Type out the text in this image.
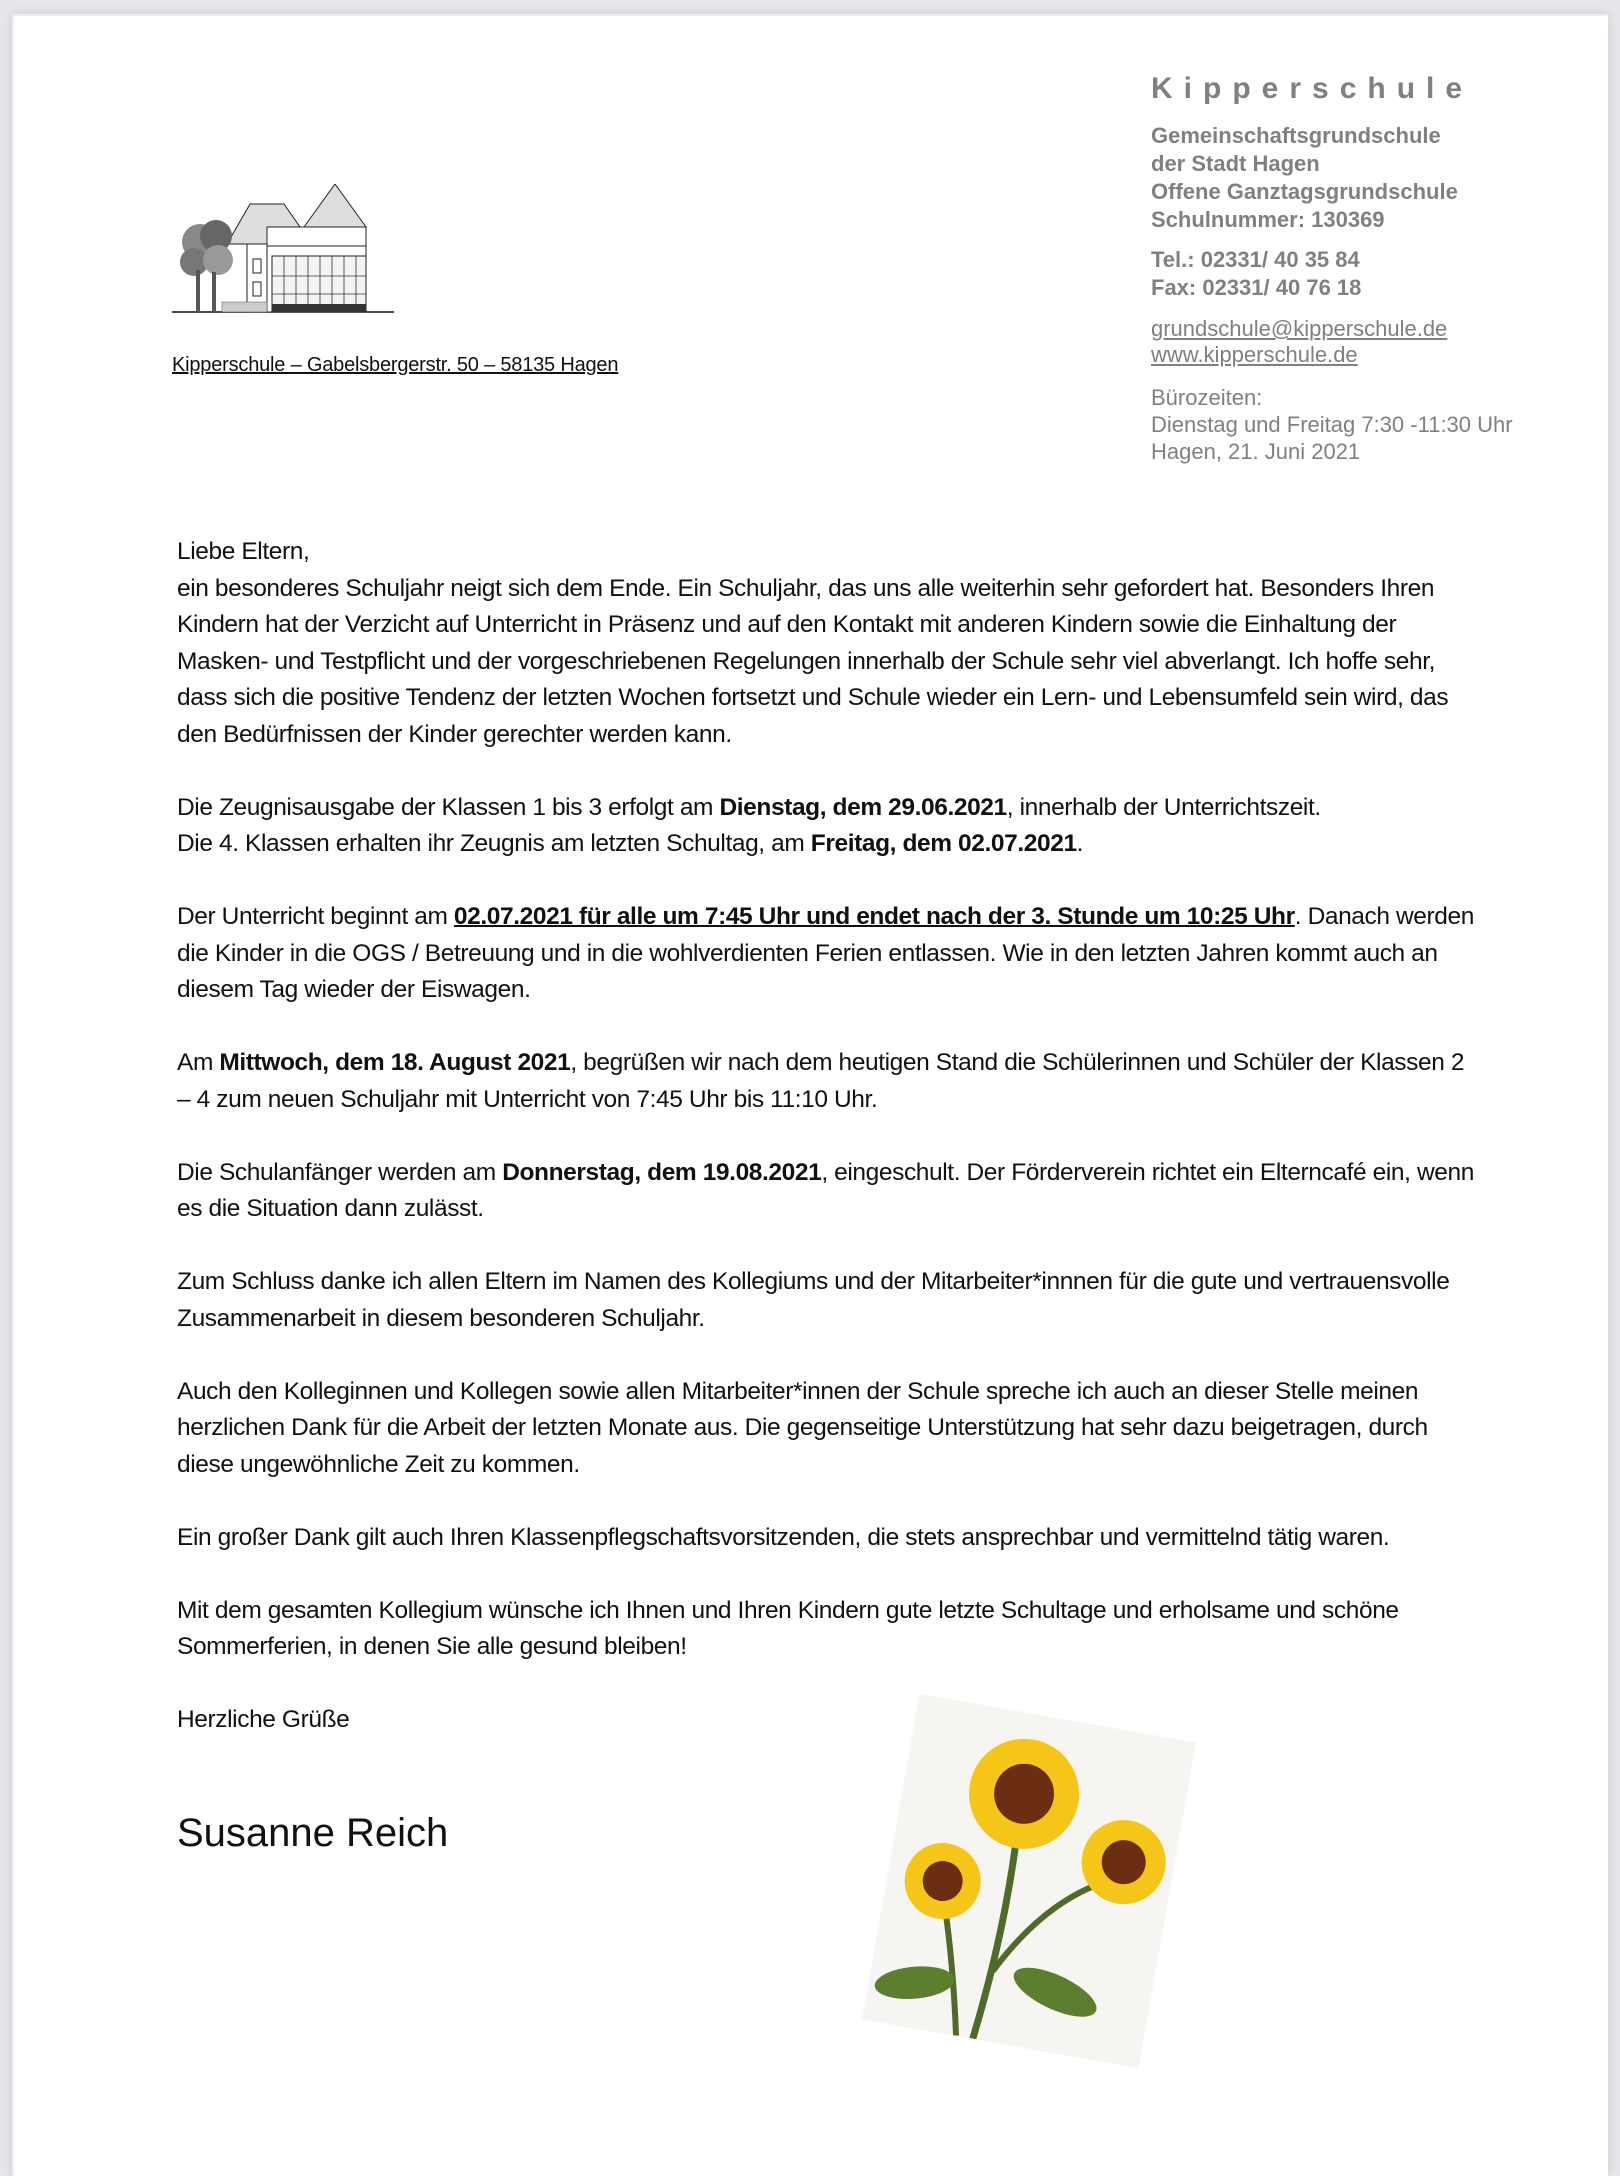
Kipperschule – Gabelsbergerstr. 50 – 58135 Hagen
Kipperschule
Gemeinschaftsgrundschule
der Stadt Hagen
Offene Ganztagsgrundschule
Schulnummer: 130369
Tel.: 02331/ 40 35 84
Fax: 02331/ 40 76 18
grundschule@kipperschule.de
www.kipperschule.de
Bürozeiten:
Dienstag und Freitag 7:30 -11:30 Uhr
Hagen, 21. Juni 2021

Liebe Eltern,

ein besonderes Schuljahr neigt sich dem Ende. Ein Schuljahr, das uns alle weiterhin sehr gefordert hat. Besonders Ihren Kindern hat der Verzicht auf Unterricht in Präsenz und auf den Kontakt mit anderen Kindern sowie die Einhaltung der Masken- und Testpflicht und der vorgeschriebenen Regelungen innerhalb der Schule sehr viel abverlangt. Ich hoffe sehr, dass sich die positive Tendenz der letzten Wochen fortsetzt und Schule wieder ein Lern- und Lebensumfeld sein wird, das den Bedürfnissen der Kinder gerechter werden kann.

Die Zeugnisausgabe der Klassen 1 bis 3 erfolgt am Dienstag, dem 29.06.2021, innerhalb der Unterrichtszeit.
Die 4. Klassen erhalten ihr Zeugnis am letzten Schultag, am Freitag, dem 02.07.2021.

Der Unterricht beginnt am 02.07.2021 für alle um 7:45 Uhr und endet nach der 3. Stunde um 10:25 Uhr. Danach werden die Kinder in die OGS / Betreuung und in die wohlverdienten Ferien entlassen. Wie in den letzten Jahren kommt auch an diesem Tag wieder der Eiswagen.

Am Mittwoch, dem 18. August 2021, begrüßen wir nach dem heutigen Stand die Schülerinnen und Schüler der Klassen 2 – 4 zum neuen Schuljahr mit Unterricht von 7:45 Uhr bis 11:10 Uhr.

Die Schulanfänger werden am Donnerstag, dem 19.08.2021, eingeschult. Der Förderverein richtet ein Elterncafé ein, wenn es die Situation dann zulässt.

Zum Schluss danke ich allen Eltern im Namen des Kollegiums und der Mitarbeiter*innnen für die gute und vertrauensvolle Zusammenarbeit in diesem besonderen Schuljahr.

Auch den Kolleginnen und Kollegen sowie allen Mitarbeiter*innen der Schule spreche ich auch an dieser Stelle meinen herzlichen Dank für die Arbeit der letzten Monate aus. Die gegenseitige Unterstützung hat sehr dazu beigetragen, durch diese ungewöhnliche Zeit zu kommen.

Ein großer Dank gilt auch Ihren Klassenpflegschaftsvorsitzenden, die stets ansprechbar und vermittelnd tätig waren.

Mit dem gesamten Kollegium wünsche ich Ihnen und Ihren Kindern gute letzte Schultage und erholsame und schöne Sommerferien, in denen Sie alle gesund bleiben!

Herzliche Grüße

Susanne Reich
